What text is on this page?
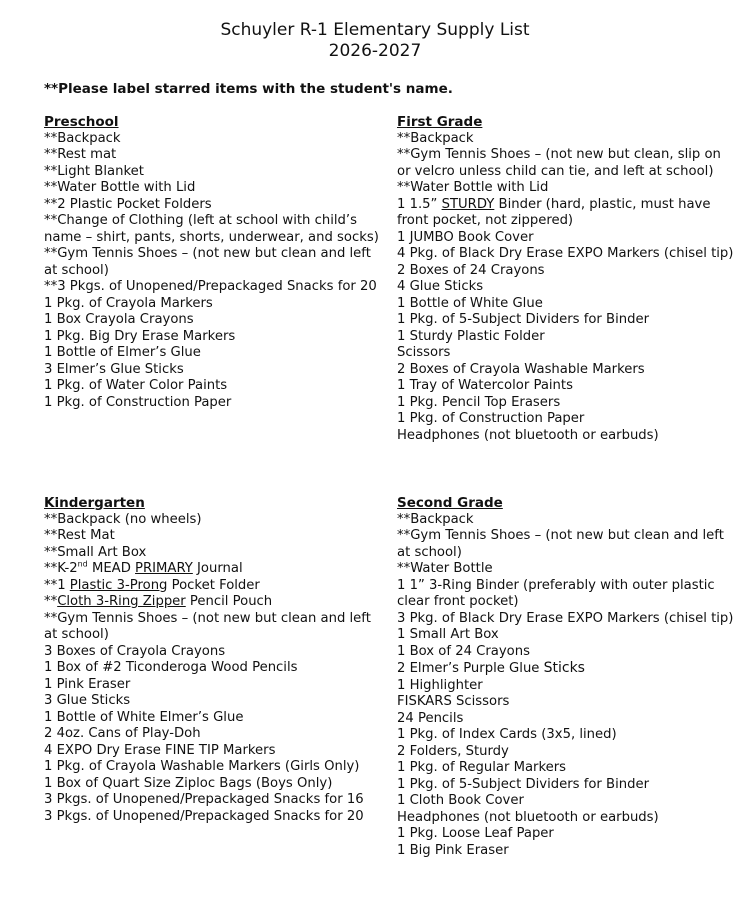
Schuyler R-1 Elementary Supply List
2026-2027
**Please label starred items with the student's name.
Preschool
**Backpack
**Rest mat
**Light Blanket
**Water Bottle with Lid
**2 Plastic Pocket Folders
**Change of Clothing (left at school with child’s
name – shirt, pants, shorts, underwear, and socks)
**Gym Tennis Shoes – (not new but clean and left
at school)
**3 Pkgs. of Unopened/Prepackaged Snacks for 20
1 Pkg. of Crayola Markers
1 Box Crayola Crayons
1 Pkg. Big Dry Erase Markers
1 Bottle of Elmer’s Glue
3 Elmer’s Glue Sticks
1 Pkg. of Water Color Paints
1 Pkg. of Construction Paper
First Grade
**Backpack
**Gym Tennis Shoes – (not new but clean, slip on
or velcro unless child can tie, and left at school)
**Water Bottle with Lid
1 1.5” STURDY Binder (hard, plastic, must have
front pocket, not zippered)
1 JUMBO Book Cover
4 Pkg. of Black Dry Erase EXPO Markers (chisel tip)
2 Boxes of 24 Crayons
4 Glue Sticks
1 Bottle of White Glue
1 Pkg. of 5-Subject Dividers for Binder
1 Sturdy Plastic Folder
Scissors
2 Boxes of Crayola Washable Markers
1 Tray of Watercolor Paints
1 Pkg. Pencil Top Erasers
1 Pkg. of Construction Paper
Headphones (not bluetooth or earbuds)
Kindergarten
**Backpack (no wheels)
**Rest Mat
**Small Art Box
**K-2nd MEAD PRIMARY Journal
**1 Plastic 3-Prong Pocket Folder
**Cloth 3-Ring Zipper Pencil Pouch
**Gym Tennis Shoes – (not new but clean and left
at school)
3 Boxes of Crayola Crayons
1 Box of #2 Ticonderoga Wood Pencils
1 Pink Eraser
3 Glue Sticks
1 Bottle of White Elmer’s Glue
2 4oz. Cans of Play-Doh
4 EXPO Dry Erase FINE TIP Markers
1 Pkg. of Crayola Washable Markers (Girls Only)
1 Box of Quart Size Ziploc Bags (Boys Only)
3 Pkgs. of Unopened/Prepackaged Snacks for 16
3 Pkgs. of Unopened/Prepackaged Snacks for 20
Second Grade
**Backpack
**Gym Tennis Shoes – (not new but clean and left
at school)
**Water Bottle
1 1” 3-Ring Binder (preferably with outer plastic
clear front pocket)
3 Pkg. of Black Dry Erase EXPO Markers (chisel tip)
1 Small Art Box
1 Box of 24 Crayons
2 Elmer’s Purple Glue Sticks
1 Highlighter
FISKARS Scissors
24 Pencils
1 Pkg. of Index Cards (3x5, lined)
2 Folders, Sturdy
1 Pkg. of Regular Markers
1 Pkg. of 5-Subject Dividers for Binder
1 Cloth Book Cover
Headphones (not bluetooth or earbuds)
1 Pkg. Loose Leaf Paper
1 Big Pink Eraser
